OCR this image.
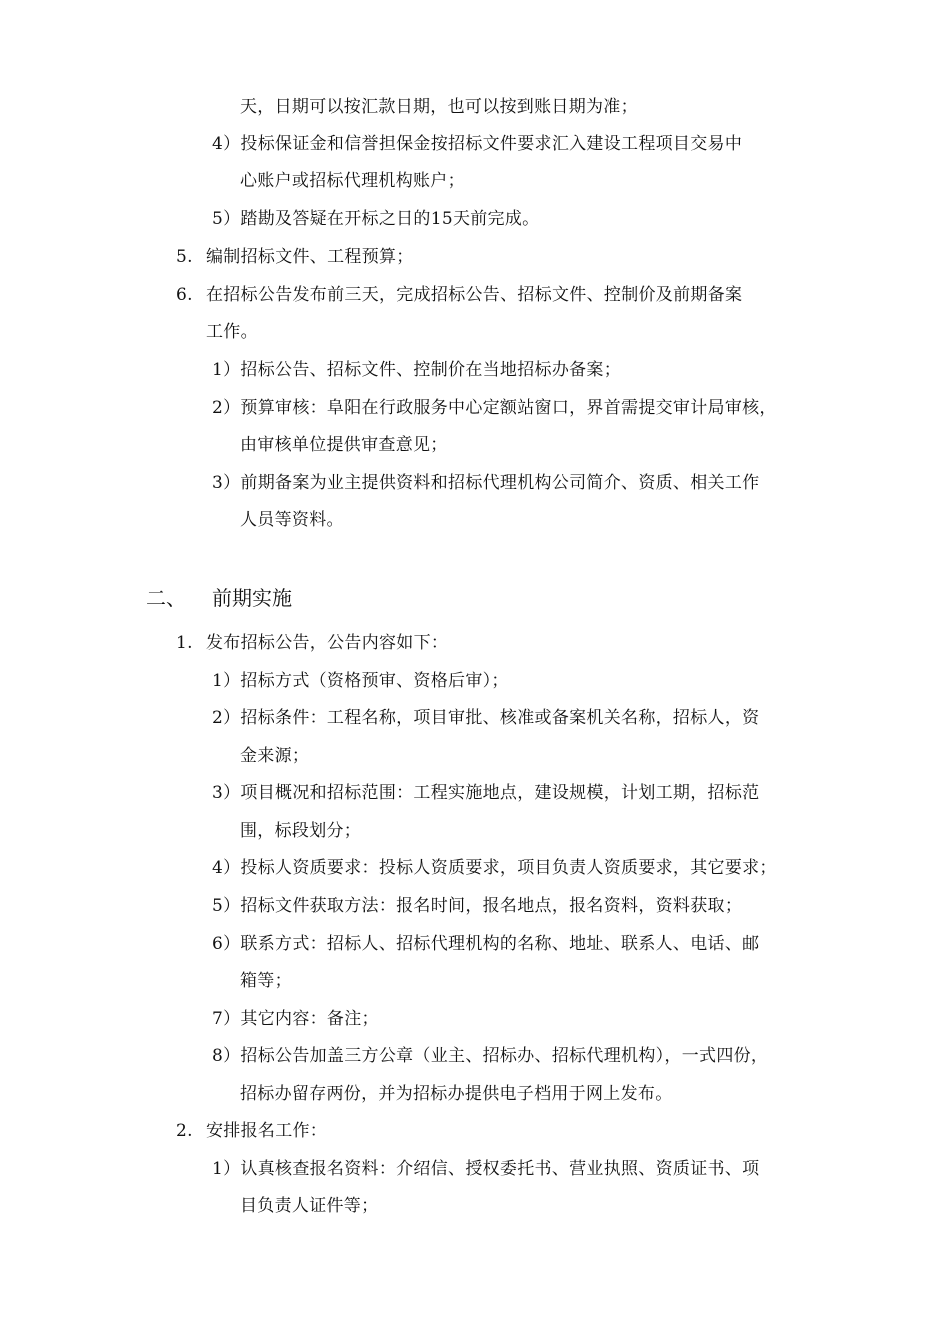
天，日期可以按汇款日期，也可以按到账日期为准；
4）投标保证金和信誉担保金按招标文件要求汇入建设工程项目交易中
心账户或招标代理机构账户；
5）踏勘及答疑在开标之日的15天前完成。
5. 编制招标文件、工程预算；
6. 在招标公告发布前三天，完成招标公告、招标文件、控制价及前期备案
工作。
1）招标公告、招标文件、控制价在当地招标办备案；
2）预算审核：阜阳在行政服务中心定额站窗口，界首需提交审计局审核，
由审核单位提供审查意见；
3）前期备案为业主提供资料和招标代理机构公司简介、资质、相关工作
人员等资料。
二、 前期实施
1. 发布招标公告，公告内容如下：
1）招标方式（资格预审、资格后审）；
2）招标条件：工程名称，项目审批、核准或备案机关名称，招标人，资
金来源；
3）项目概况和招标范围：工程实施地点，建设规模，计划工期，招标范
围，标段划分；
4）投标人资质要求：投标人资质要求，项目负责人资质要求，其它要求；
5）招标文件获取方法：报名时间，报名地点，报名资料，资料获取；
6）联系方式：招标人、招标代理机构的名称、地址、联系人、电话、邮
箱等；
7）其它内容：备注；
8）招标公告加盖三方公章（业主、招标办、招标代理机构），一式四份，
招标办留存两份，并为招标办提供电子档用于网上发布。
2. 安排报名工作：
1）认真核查报名资料：介绍信、授权委托书、营业执照、资质证书、项
目负责人证件等；
